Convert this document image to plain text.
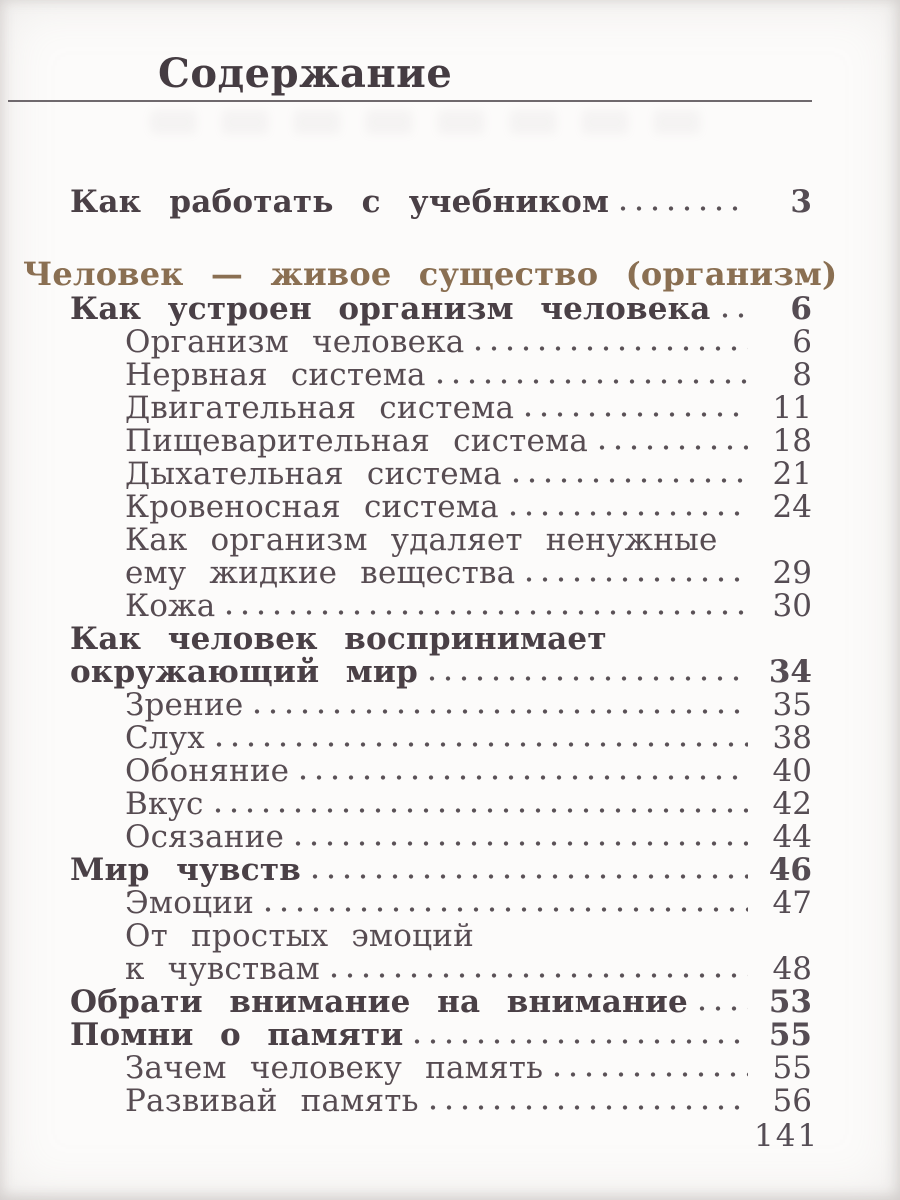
Содержание
Как работать с учебником	3
Человек — живое существо (организм)
Как устроен организм человека	6
Организм человека	6
Нервная система	8
Двигательная система	11
Пищеварительная система	18
Дыхательная система	21
Кровеносная система	24
Как организм удаляет ненужные
ему жидкие вещества	29
Кожа	30
Как человек воспринимает
окружающий мир	34
Зрение	35
Слух	38
Обоняние	40
Вкус	42
Осязание	44
Мир чувств	46
Эмоции	47
От простых эмоций
к чувствам	48
Обрати внимание на внимание	53
Помни о памяти	55
Зачем человеку память	55
Развивай память	56
141
